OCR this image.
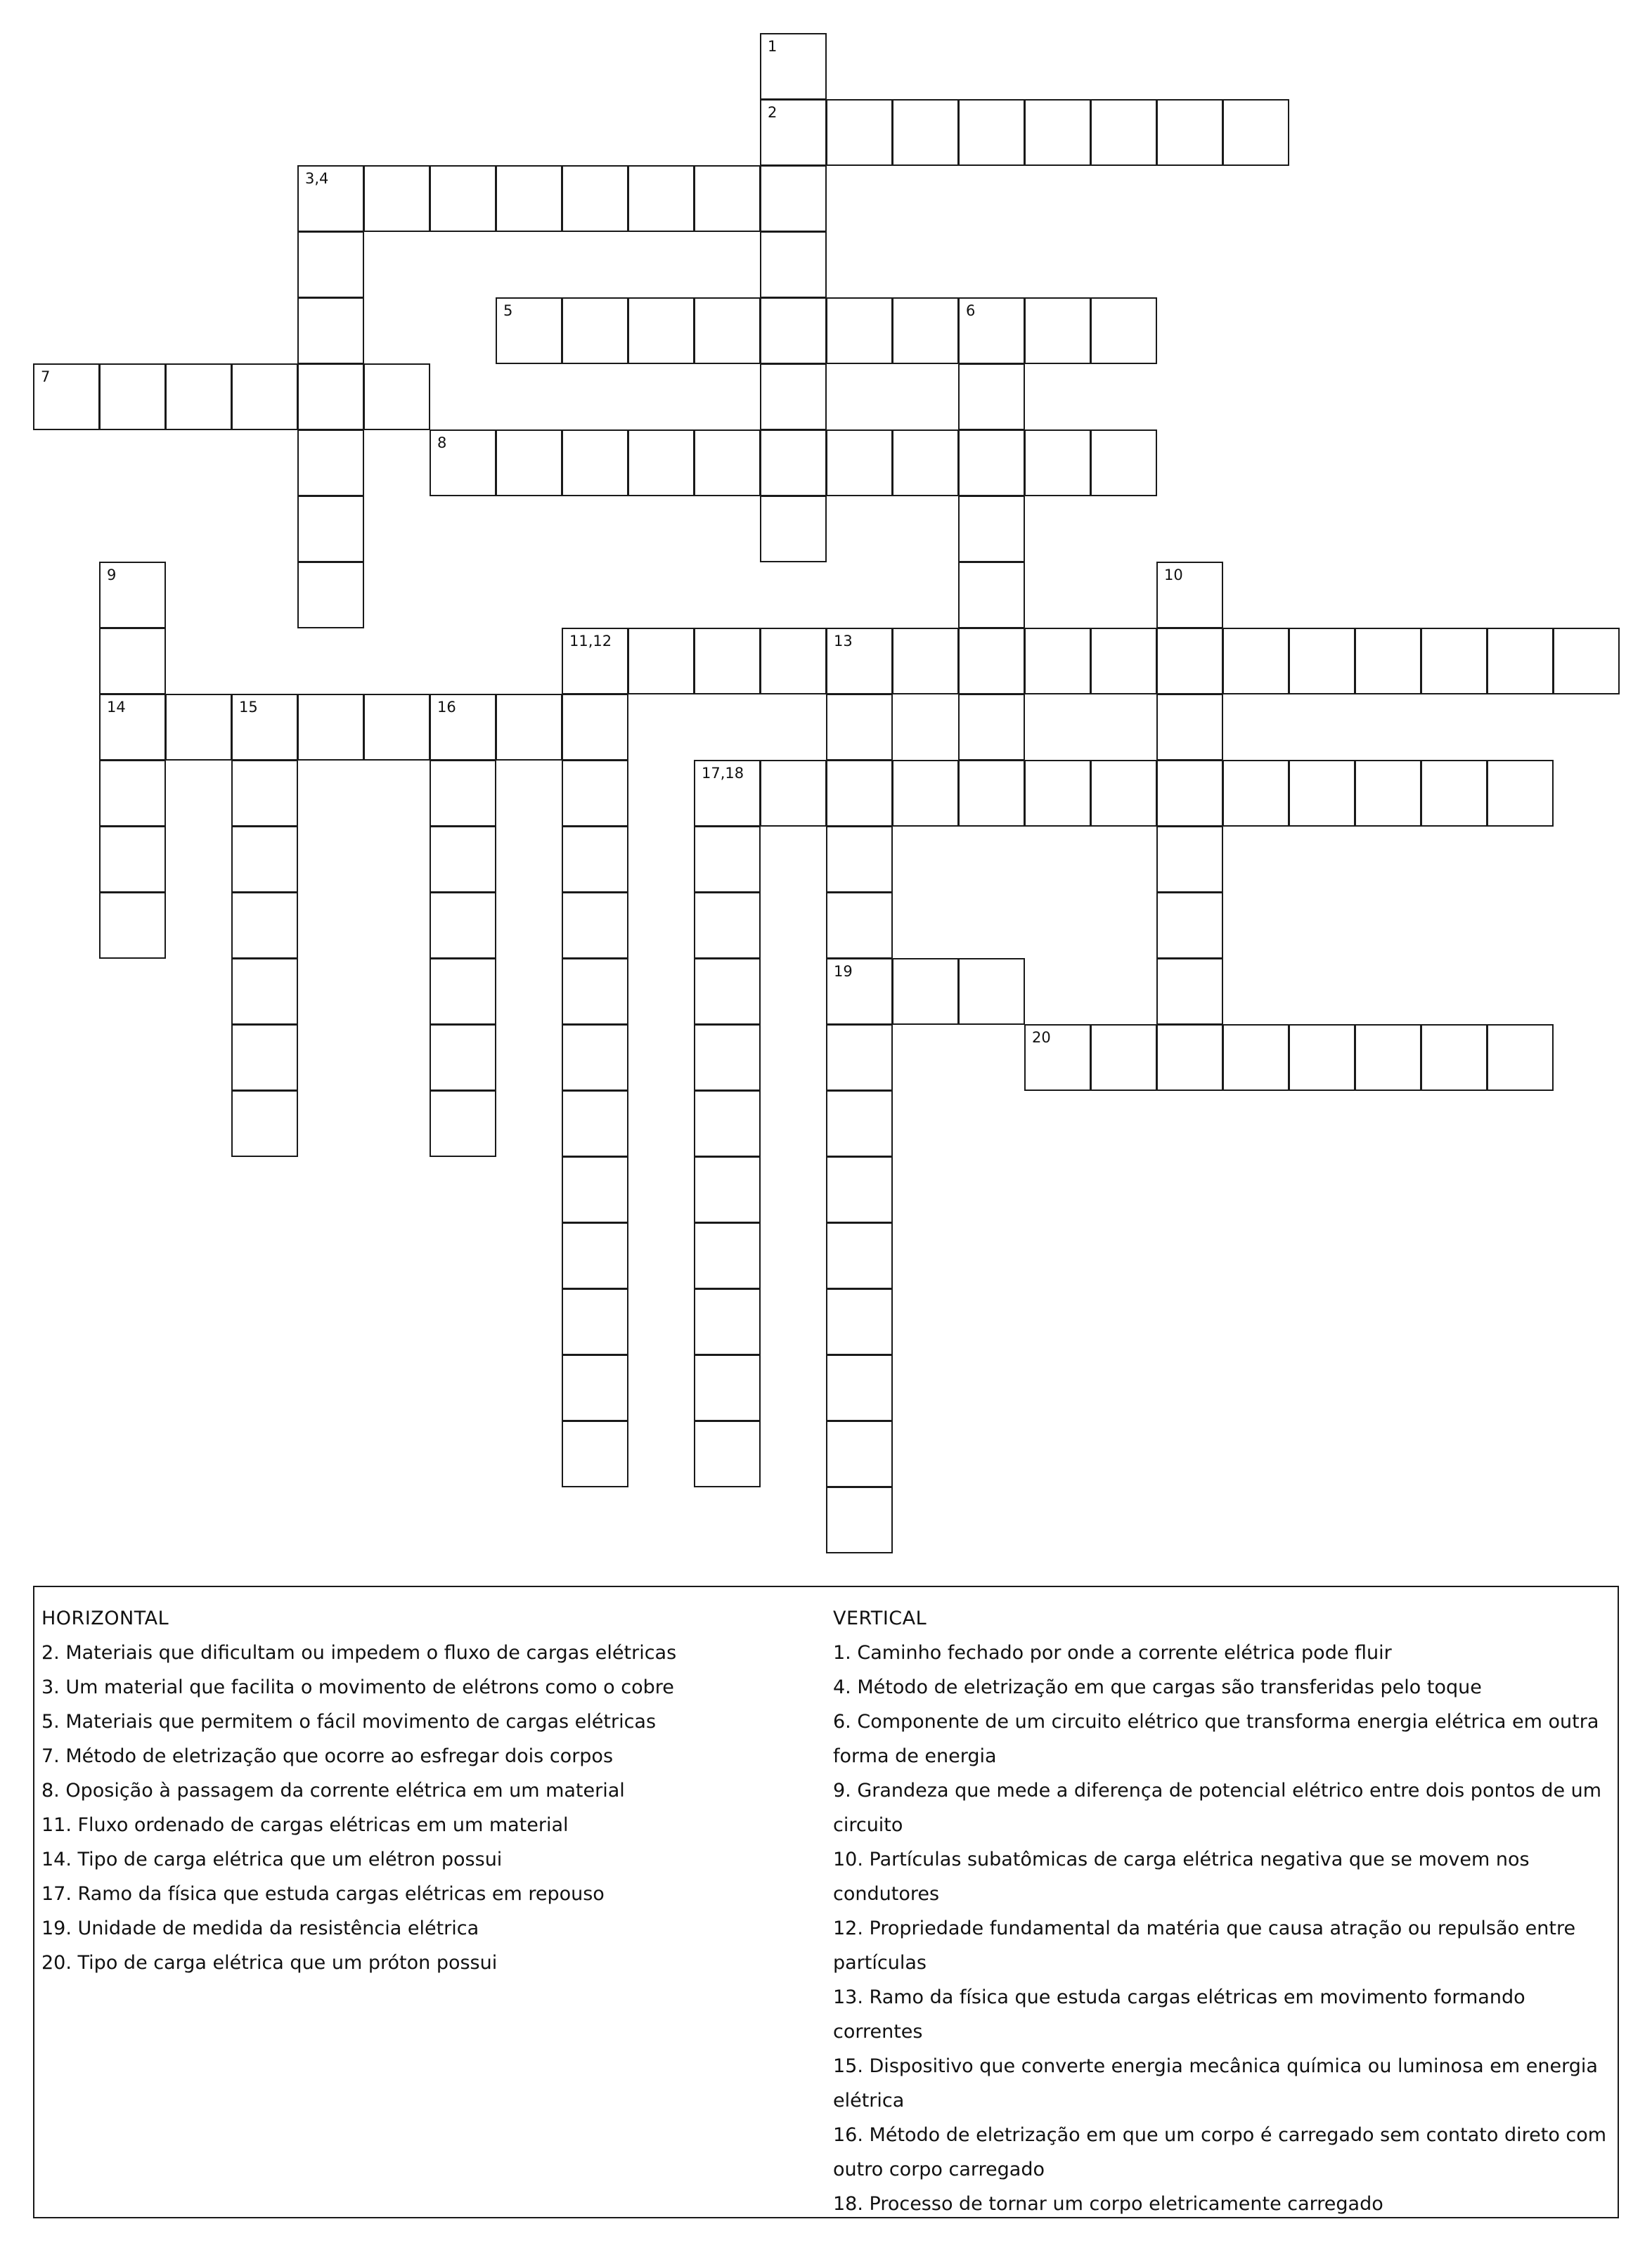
1
2
3,4
5	6
7
8
9	10
11,12	13
14	15	16
17,18
19
20
HORIZONTAL
2. Materiais que dificultam ou impedem o fluxo de cargas elétricas
3. Um material que facilita o movimento de elétrons como o cobre
5. Materiais que permitem o fácil movimento de cargas elétricas
7. Método de eletrização que ocorre ao esfregar dois corpos
8. Oposição à passagem da corrente elétrica em um material
11. Fluxo ordenado de cargas elétricas em um material
14. Tipo de carga elétrica que um elétron possui
17. Ramo da física que estuda cargas elétricas em repouso
19. Unidade de medida da resistência elétrica
20. Tipo de carga elétrica que um próton possui
VERTICAL
1. Caminho fechado por onde a corrente elétrica pode fluir
4. Método de eletrização em que cargas são transferidas pelo toque
6. Componente de um circuito elétrico que transforma energia elétrica em outra forma de energia
9. Grandeza que mede a diferença de potencial elétrico entre dois pontos de um circuito
10. Partículas subatômicas de carga elétrica negativa que se movem nos condutores
12. Propriedade fundamental da matéria que causa atração ou repulsão entre partículas
13. Ramo da física que estuda cargas elétricas em movimento formando correntes
15. Dispositivo que converte energia mecânica química ou luminosa em energia elétrica
16. Método de eletrização em que um corpo é carregado sem contato direto com outro corpo carregado
18. Processo de tornar um corpo eletricamente carregado
